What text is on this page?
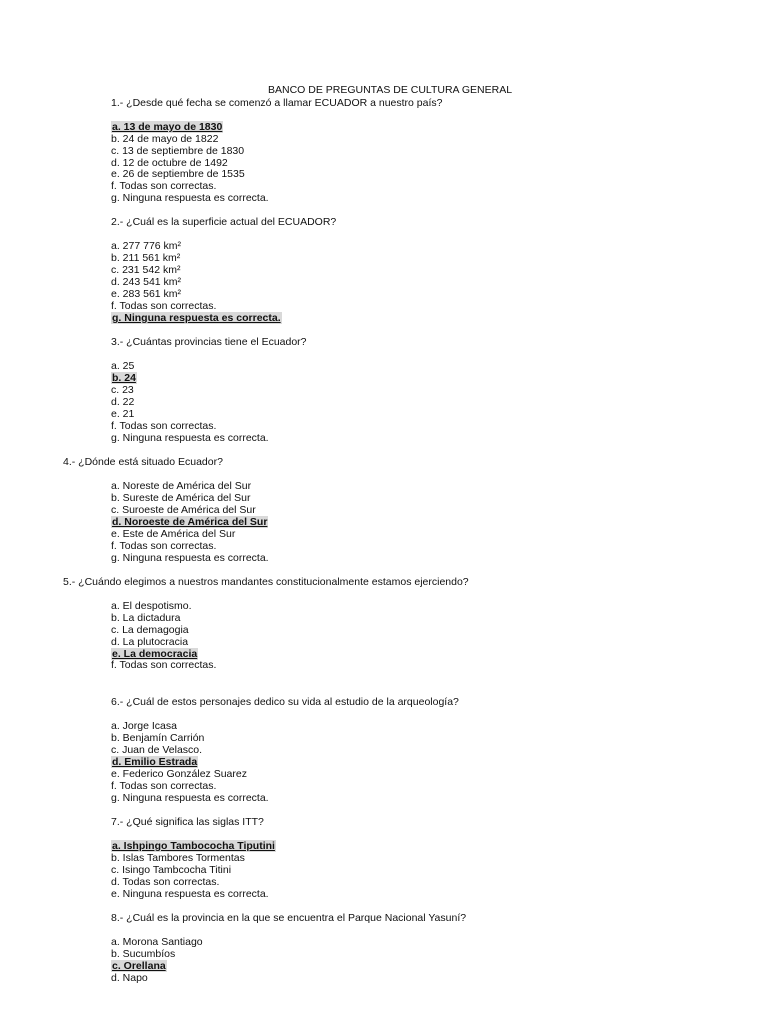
BANCO DE PREGUNTAS DE CULTURA GENERAL
1.- ¿Desde qué fecha se comenzó a llamar ECUADOR a nuestro país?
a. 13 de mayo de 1830
b. 24 de mayo de 1822
c. 13 de septiembre de 1830
d. 12 de octubre de 1492
e. 26 de septiembre de 1535
f. Todas son correctas.
g. Ninguna respuesta es correcta.
2.- ¿Cuál es la superficie actual del ECUADOR?
a. 277 776 km²
b. 211 561 km²
c. 231 542 km²
d. 243 541 km²
e. 283 561 km²
f. Todas son correctas.
g. Ninguna respuesta es correcta.
3.- ¿Cuántas provincias tiene el Ecuador?
a. 25
b. 24
c. 23
d. 22
e. 21
f. Todas son correctas.
g. Ninguna respuesta es correcta.
4.- ¿Dónde está situado Ecuador?
a. Noreste de América del Sur
b. Sureste de América del Sur
c. Suroeste de América del Sur
d. Noroeste de América del Sur
e. Este de América del Sur
f. Todas son correctas.
g. Ninguna respuesta es correcta.
5.- ¿Cuándo elegimos a nuestros mandantes constitucionalmente estamos ejerciendo?
a. El despotismo.
b. La dictadura
c. La demagogia
d. La plutocracia
e. La democracia
f. Todas son correctas.
6.- ¿Cuál de estos personajes dedico su vida al estudio de la arqueología?
a. Jorge Icasa
b. Benjamín Carrión
c. Juan de Velasco.
d. Emilio Estrada
e. Federico González Suarez
f. Todas son correctas.
g. Ninguna respuesta es correcta.
7.- ¿Qué significa las siglas ITT?
a. Ishpingo Tambococha Tiputini
b. Islas Tambores Tormentas
c. Isingo Tambcocha Titini
d. Todas son correctas.
e. Ninguna respuesta es correcta.
8.- ¿Cuál es la provincia en la que se encuentra el Parque Nacional Yasuní?
a. Morona Santiago
b. Sucumbíos
c. Orellana
d. Napo
